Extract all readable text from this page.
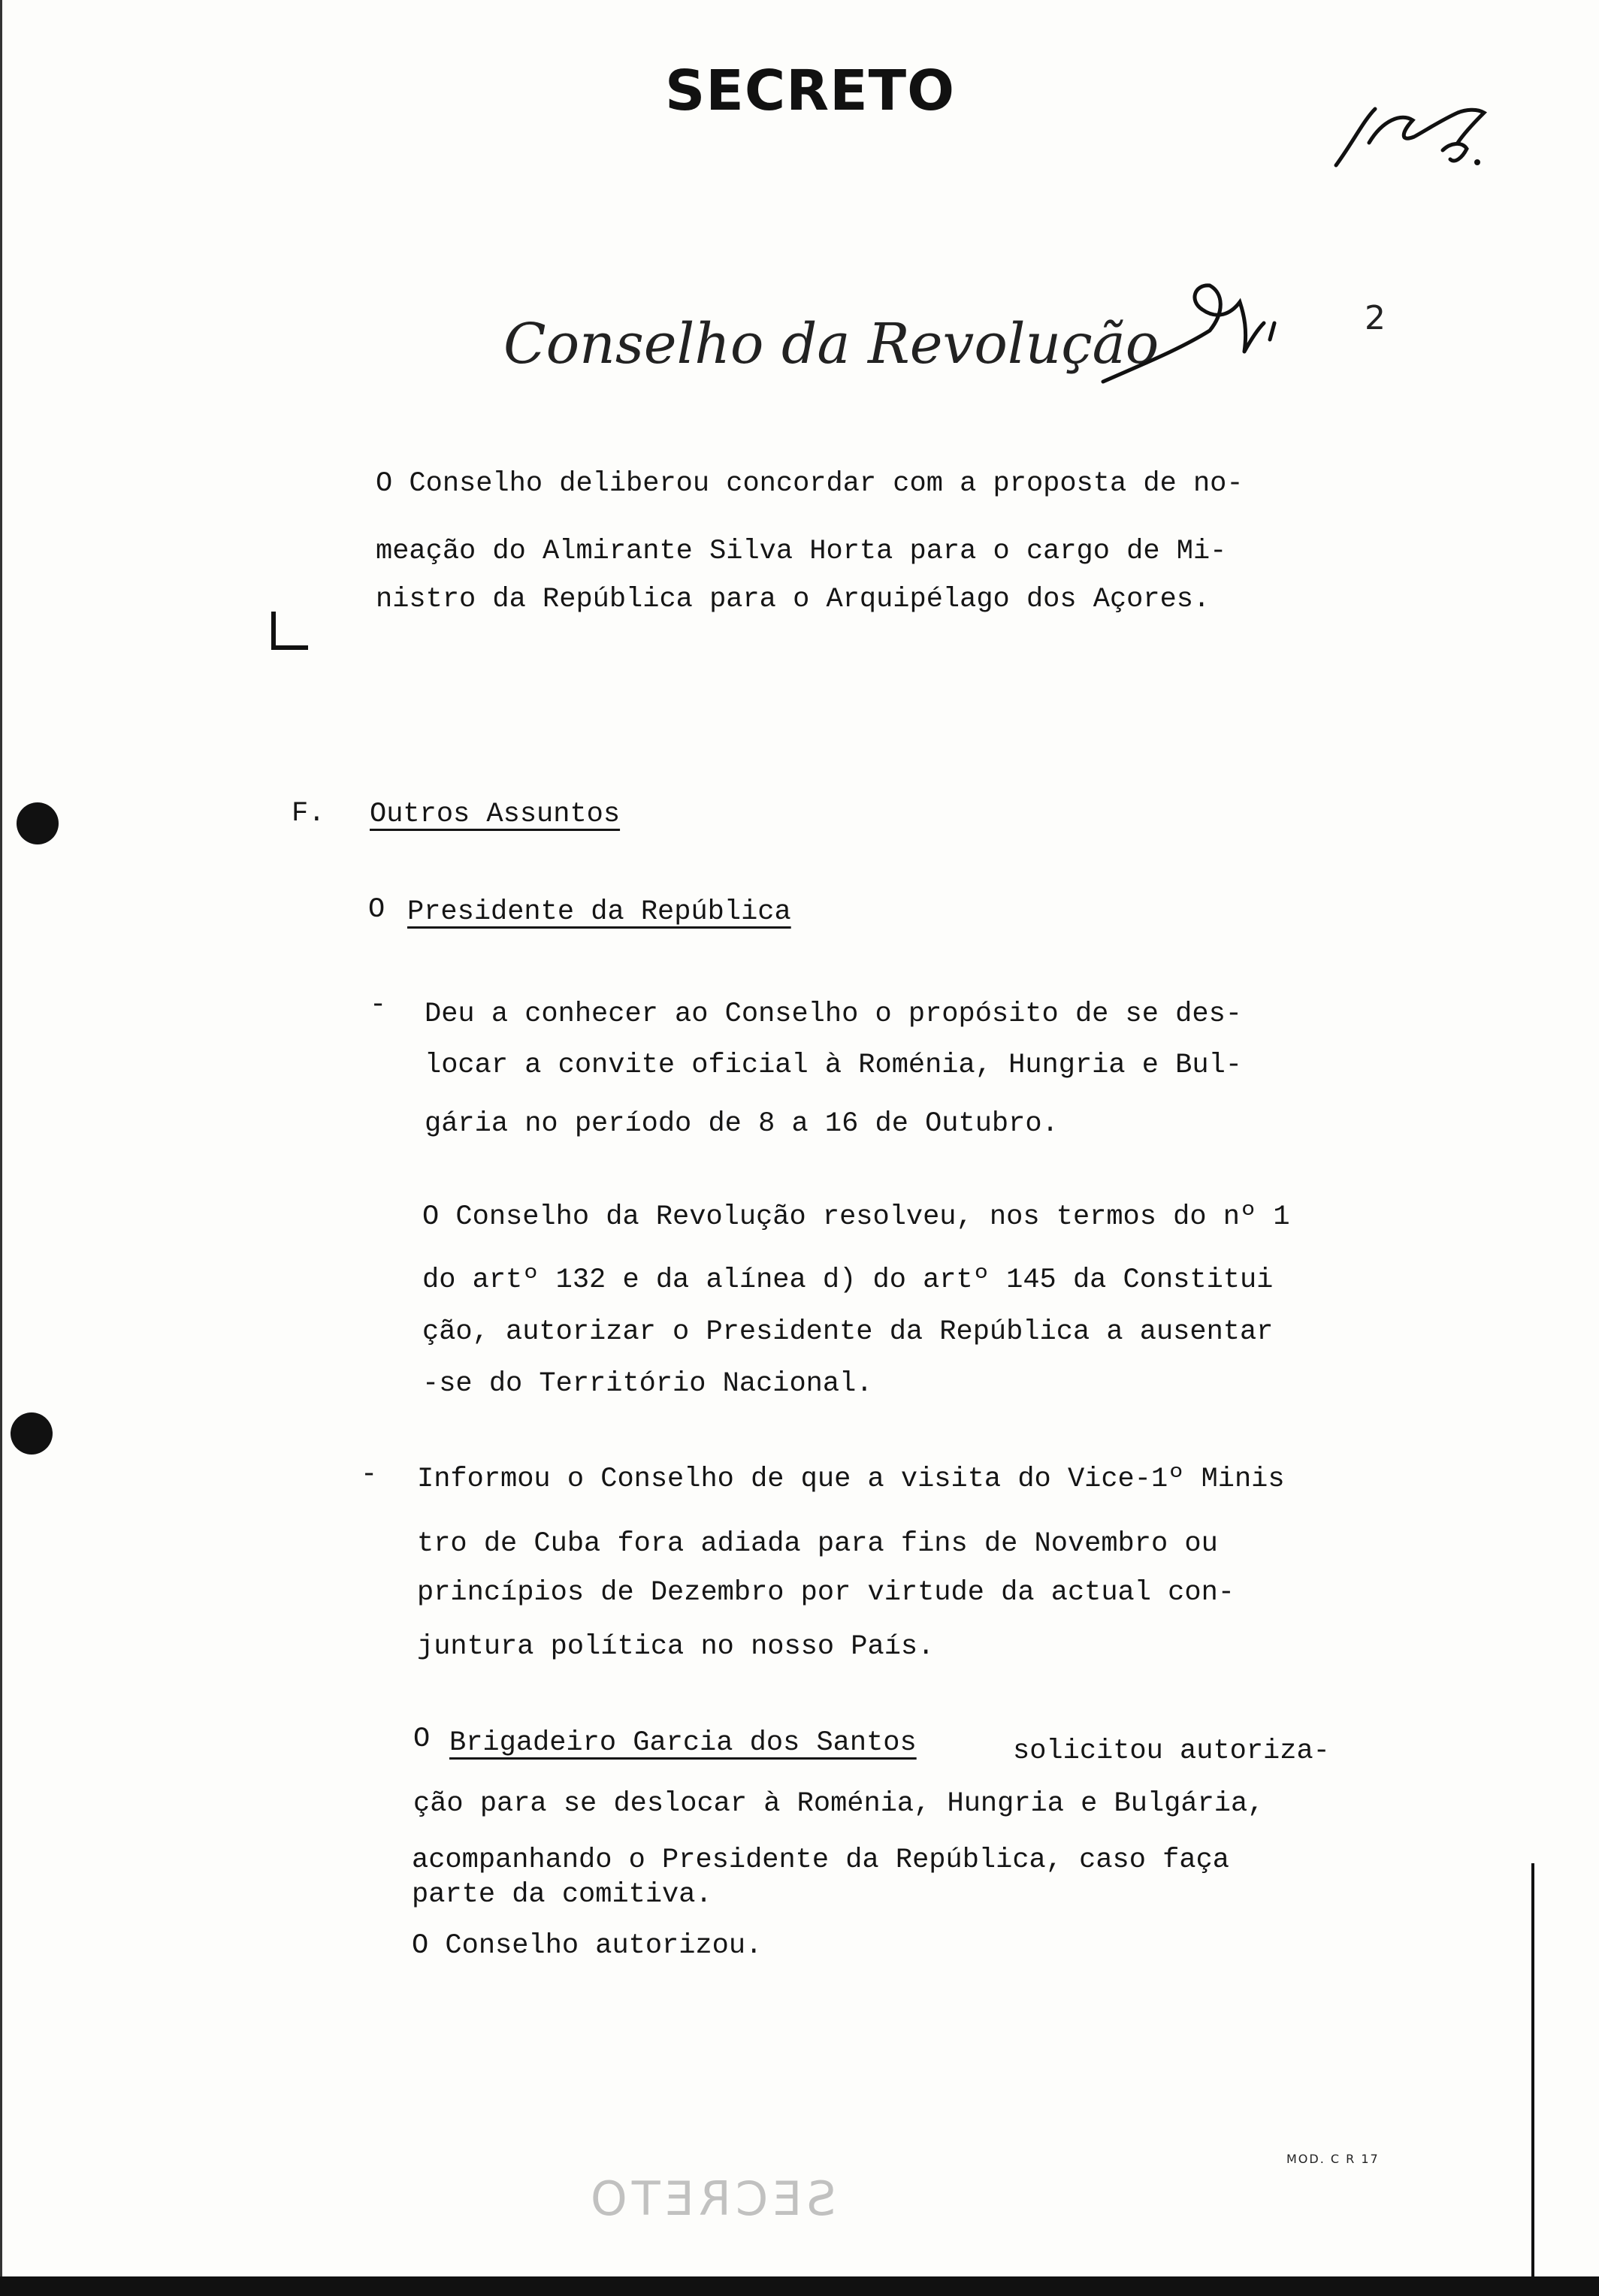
SECRETO
Conselho da Revolução	2
O Conselho deliberou concordar com a proposta de no-
meação do Almirante Silva Horta para o cargo de Mi-
nistro da República para o Arquipélago dos Açores.
F. Outros Assuntos
O Presidente da República
- Deu a conhecer ao Conselho o propósito de se des-
locar a convite oficial à Roménia, Hungria e Bul-
gária no período de 8 a 16 de Outubro.
O Conselho da Revolução resolveu, nos termos do nº 1
do artº 132 e da alínea d) do artº 145 da Constitui
ção, autorizar o Presidente da República a ausentar
-se do Território Nacional.
- Informou o Conselho de que a visita do Vice-1º Minis
tro de Cuba fora adiada para fins de Novembro ou
princípios de Dezembro por virtude da actual con-
juntura política no nosso País.
O Brigadeiro Garcia dos Santos	solicitou autoriza-
ção para se deslocar à Roménia, Hungria e Bulgária,
acompanhando o Presidente da República, caso faça
parte da comitiva.
O Conselho autorizou.
SECRETO
MOD. C R 17
